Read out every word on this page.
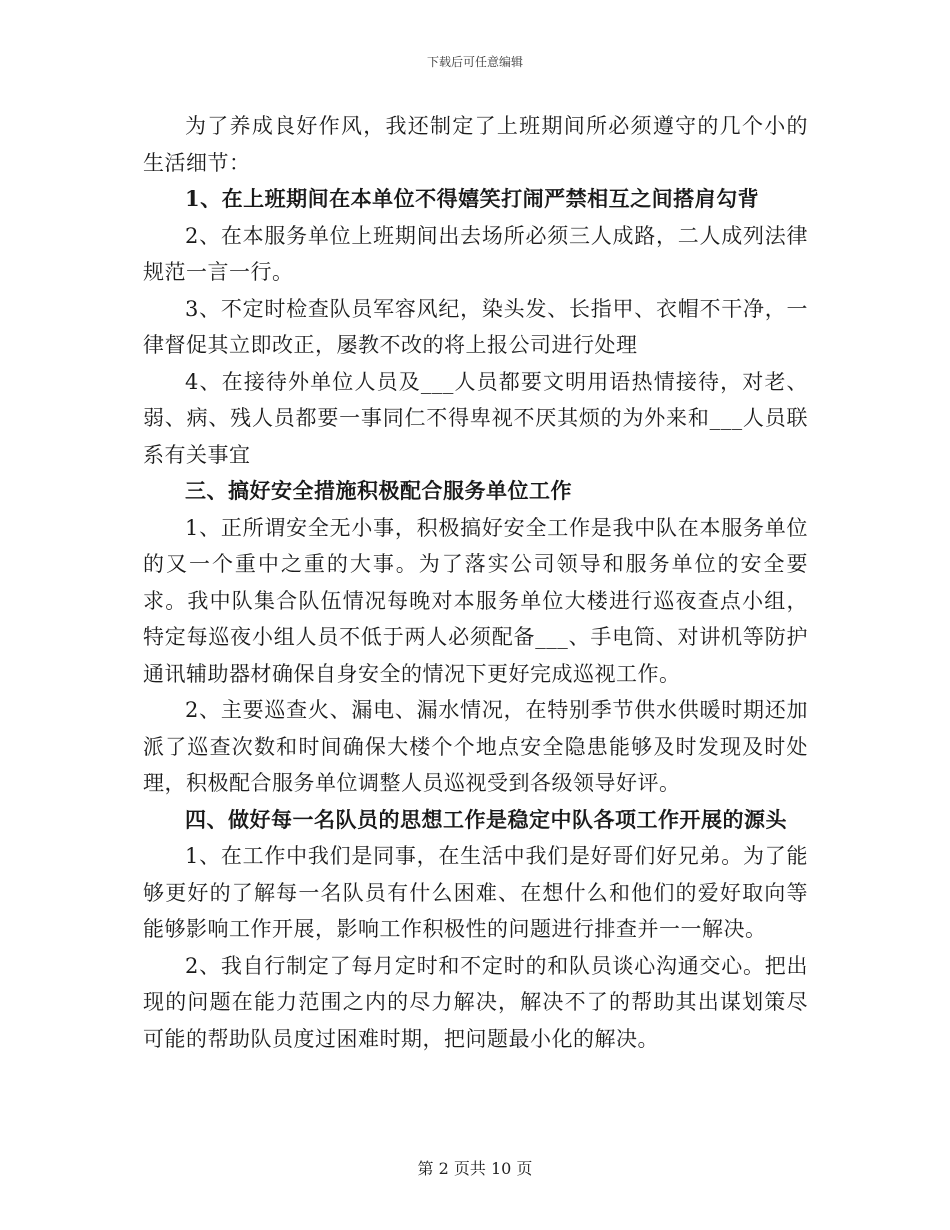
下载后可任意编辑

为了养成良好作风，我还制定了上班期间所必须遵守的几个小的生活细节：

1、在上班期间在本单位不得嬉笑打闹严禁相互之间搭肩勾背

2、在本服务单位上班期间出去场所必须三人成路，二人成列法律规范一言一行。

3、不定时检查队员军容风纪，染头发、长指甲、衣帽不干净，一律督促其立即改正，屡教不改的将上报公司进行处理

4、在接待外单位人员及___人员都要文明用语热情接待，对老、弱、病、残人员都要一事同仁不得卑视不厌其烦的为外来和___人员联系有关事宜

三、搞好安全措施积极配合服务单位工作

1、正所谓安全无小事，积极搞好安全工作是我中队在本服务单位的又一个重中之重的大事。为了落实公司领导和服务单位的安全要求。我中队集合队伍情况每晚对本服务单位大楼进行巡夜查点小组，特定每巡夜小组人员不低于两人必须配备___、手电筒、对讲机等防护通讯辅助器材确保自身安全的情况下更好完成巡视工作。

2、主要巡查火、漏电、漏水情况，在特别季节供水供暖时期还加派了巡查次数和时间确保大楼个个地点安全隐患能够及时发现及时处理，积极配合服务单位调整人员巡视受到各级领导好评。

四、做好每一名队员的思想工作是稳定中队各项工作开展的源头

1、在工作中我们是同事，在生活中我们是好哥们好兄弟。为了能够更好的了解每一名队员有什么困难、在想什么和他们的爱好取向等能够影响工作开展，影响工作积极性的问题进行排查并一一解决。

2、我自行制定了每月定时和不定时的和队员谈心沟通交心。把出现的问题在能力范围之内的尽力解决，解决不了的帮助其出谋划策尽可能的帮助队员度过困难时期，把问题最小化的解决。

第 2 页共 10 页
